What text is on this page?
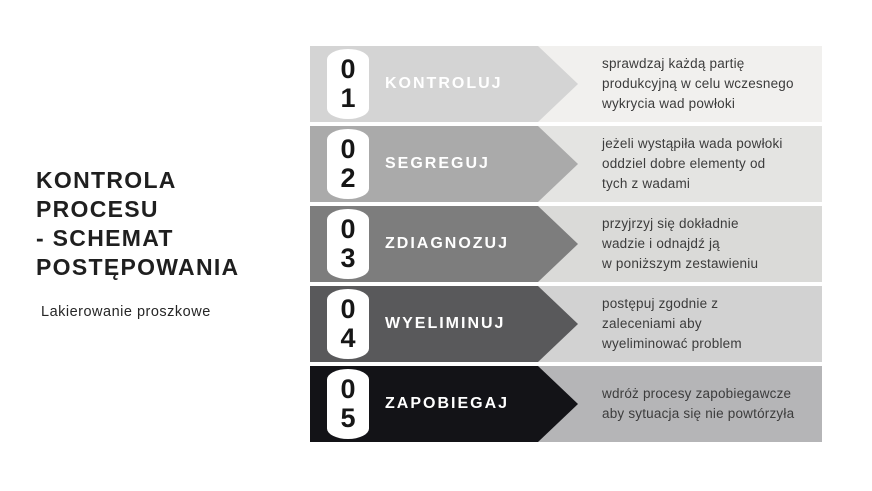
KONTROLA
PROCESU
- SCHEMAT
POSTĘPOWANIA
Lakierowanie proszkowe
sprawdzaj każdą partię
produkcyjną w celu wczesnego
wykrycia wad powłoki
0
1 KONTROLUJ
jeżeli wystąpiła wada powłoki
oddziel dobre elementy od
tych z wadami
0
2 SEGREGUJ
przyjrzyj się dokładnie
wadzie i odnajdź ją
w poniższym zestawieniu
0
3 ZDIAGNOZUJ
postępuj zgodnie z
zaleceniami aby
wyeliminować problem
0
4 WYELIMINUJ
wdróż procesy zapobiegawcze
aby sytuacja się nie powtórzyła
0
5 ZAPOBIEGAJ
